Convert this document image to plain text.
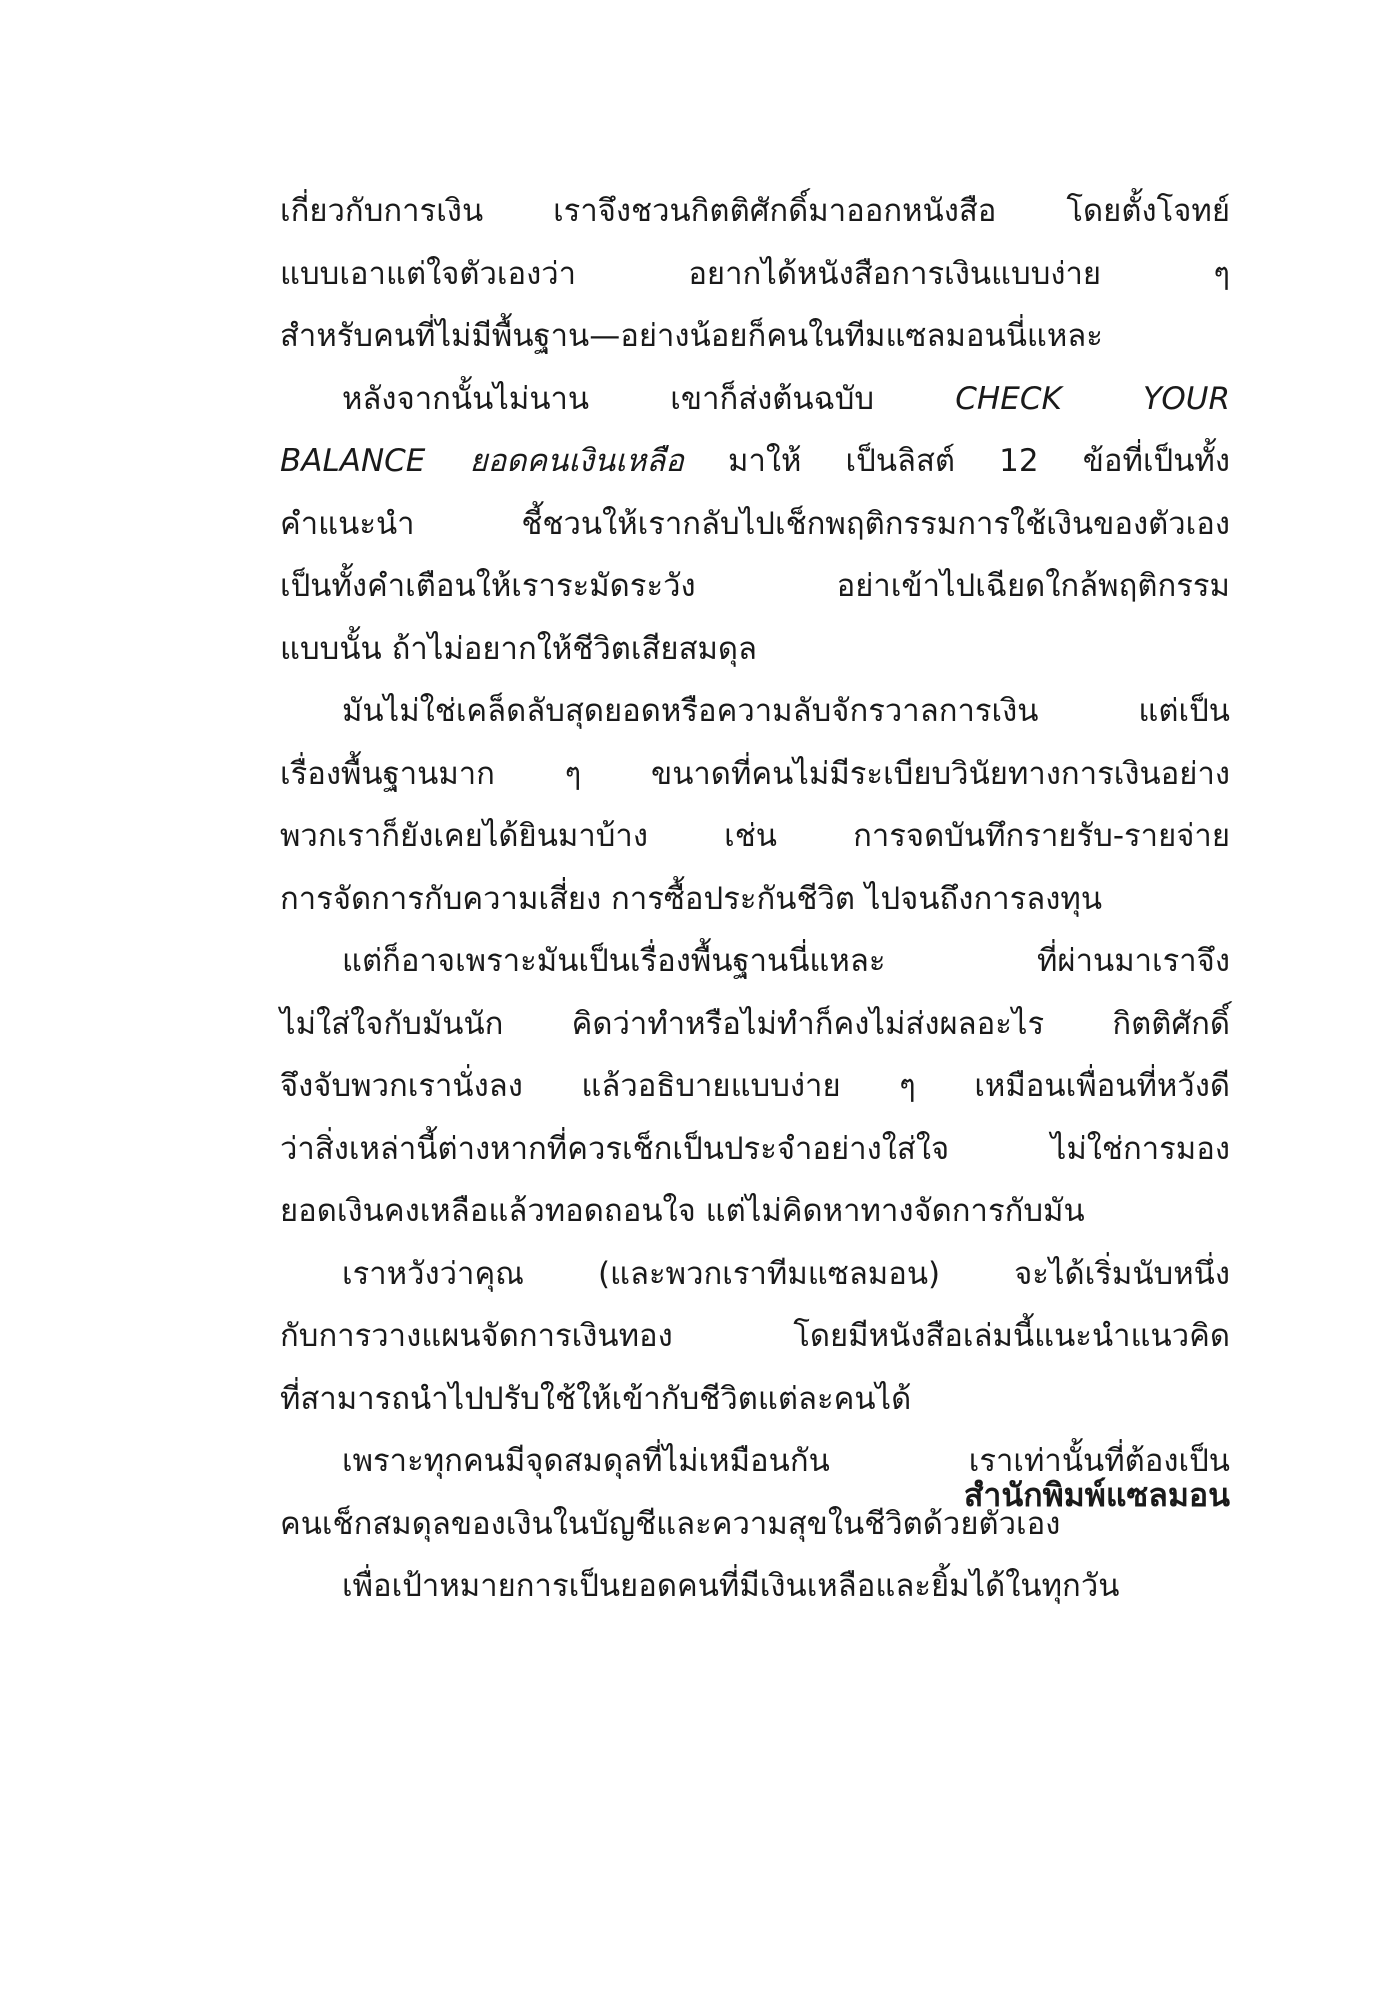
เกี่ยวกับการเงิน เราจึงชวนกิตติศักดิ์มาออกหนังสือ โดยตั้งโจทย์
แบบเอาแต่ใจตัวเองว่า อยากได้หนังสือการเงินแบบง่าย ๆ
สำหรับคนที่ไม่มีพื้นฐาน—อย่างน้อยก็คนในทีมแซลมอนนี่แหละ
หลังจากนั้นไม่นาน เขาก็ส่งต้นฉบับ CHECK YOUR
BALANCE ยอดคนเงินเหลือ มาให้ เป็นลิสต์ 12 ข้อที่เป็นทั้ง
คำแนะนำ ชี้ชวนให้เรากลับไปเช็กพฤติกรรมการใช้เงินของตัวเอง
เป็นทั้งคำเตือนให้เราระมัดระวัง อย่าเข้าไปเฉียดใกล้พฤติกรรม
แบบนั้น ถ้าไม่อยากให้ชีวิตเสียสมดุล
มันไม่ใช่เคล็ดลับสุดยอดหรือความลับจักรวาลการเงิน แต่เป็น
เรื่องพื้นฐานมาก ๆ ขนาดที่คนไม่มีระเบียบวินัยทางการเงินอย่าง
พวกเราก็ยังเคยได้ยินมาบ้าง เช่น การจดบันทึกรายรับ-รายจ่าย
การจัดการกับความเสี่ยง การซื้อประกันชีวิต ไปจนถึงการลงทุน
แต่ก็อาจเพราะมันเป็นเรื่องพื้นฐานนี่แหละ ที่ผ่านมาเราจึง
ไม่ใส่ใจกับมันนัก คิดว่าทำหรือไม่ทำก็คงไม่ส่งผลอะไร กิตติศักดิ์
จึงจับพวกเรานั่งลง แล้วอธิบายแบบง่าย ๆ เหมือนเพื่อนที่หวังดี
ว่าสิ่งเหล่านี้ต่างหากที่ควรเช็กเป็นประจำอย่างใส่ใจ ไม่ใช่การมอง
ยอดเงินคงเหลือแล้วทอดถอนใจ แต่ไม่คิดหาทางจัดการกับมัน
เราหวังว่าคุณ (และพวกเราทีมแซลมอน) จะได้เริ่มนับหนึ่ง
กับการวางแผนจัดการเงินทอง โดยมีหนังสือเล่มนี้แนะนำแนวคิด
ที่สามารถนำไปปรับใช้ให้เข้ากับชีวิตแต่ละคนได้
เพราะทุกคนมีจุดสมดุลที่ไม่เหมือนกัน เราเท่านั้นที่ต้องเป็น
คนเช็กสมดุลของเงินในบัญชีและความสุขในชีวิตด้วยตัวเอง
เพื่อเป้าหมายการเป็นยอดคนที่มีเงินเหลือและยิ้มได้ในทุกวัน
สำนักพิมพ์แซลมอน
